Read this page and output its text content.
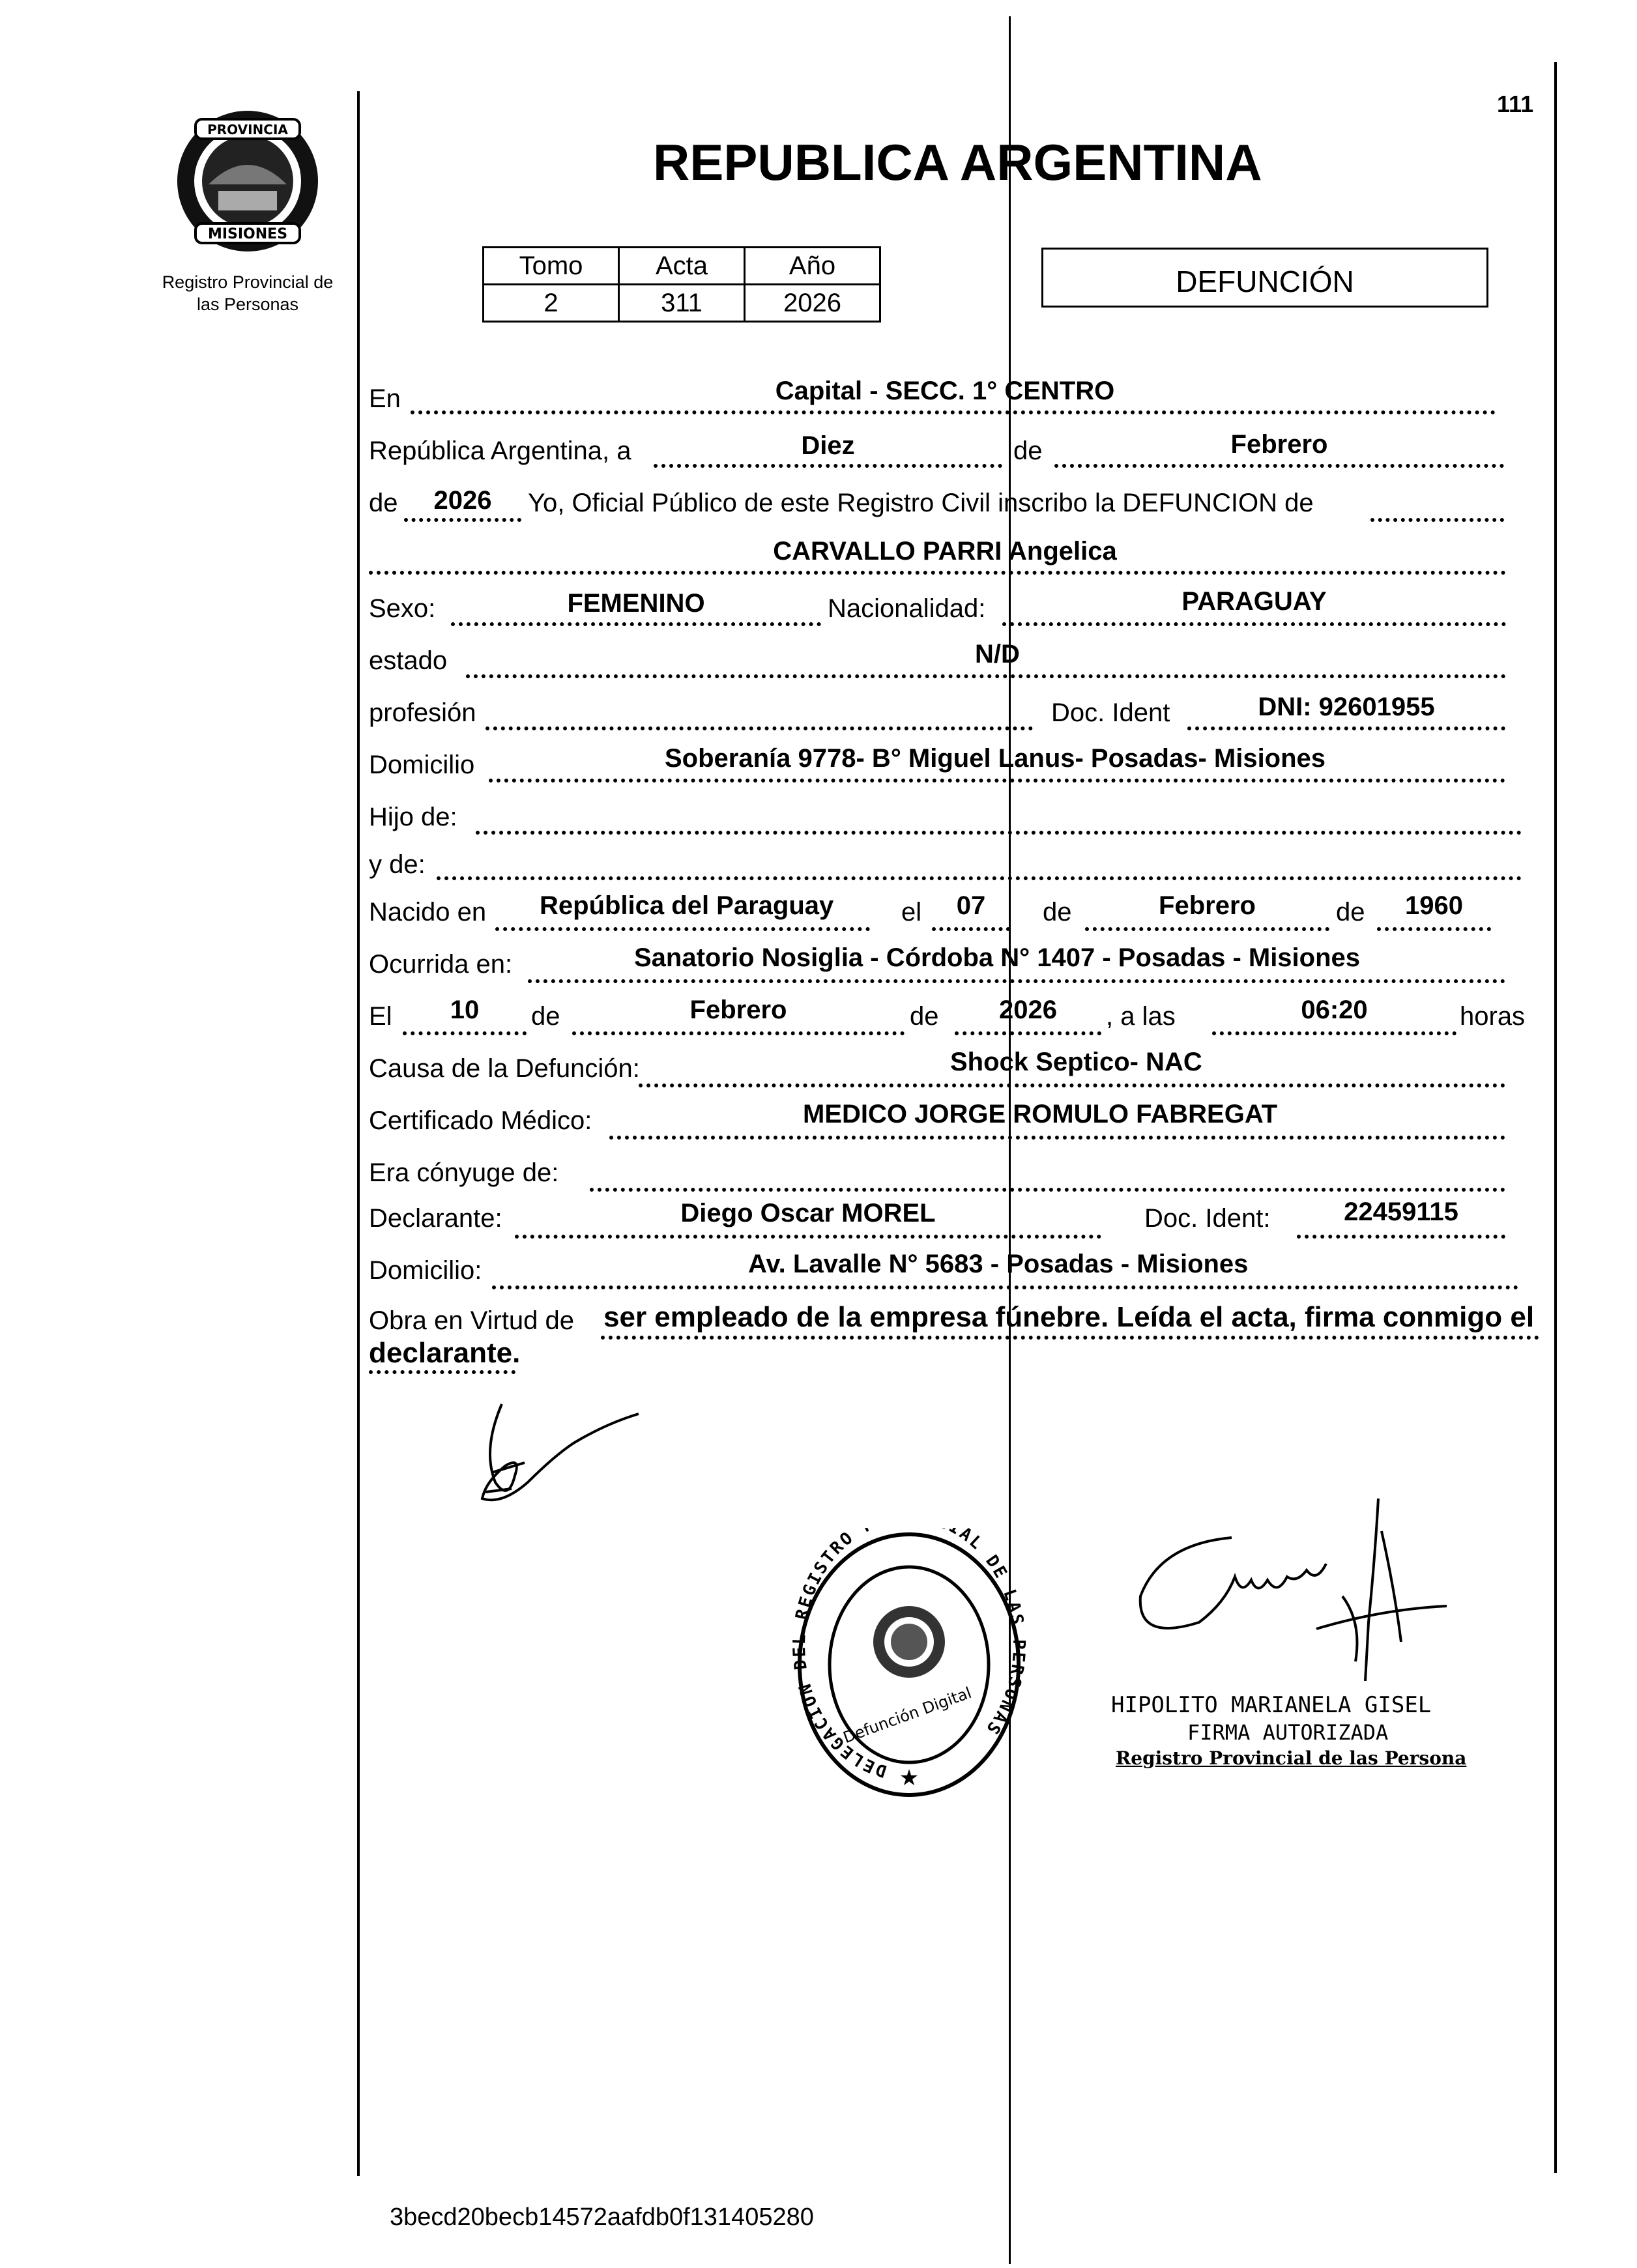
PROVINCIA
MISIONES
Registro Provincial de
las Personas
111
REPUBLICA ARGENTINA
Tomo	Acta	Año
2	311	2026
DEFUNCIÓN
En	Capital - SECC. 1° CENTRO
República Argentina, a	Diez	de	Febrero
de	2026	Yo, Oficial Público de este Registro Civil inscribo la DEFUNCION de
CARVALLO PARRI Angelica
Sexo:	FEMENINO	Nacionalidad:	PARAGUAY
estado	N/D
profesión	Doc. Ident	DNI: 92601955
Domicilio	Soberanía 9778- B° Miguel Lanus- Posadas- Misiones
Hijo de:
y de:
Nacido en República del Paraguay	el	07	de	Febrero	de	1960
Ocurrida en:	Sanatorio Nosiglia - Córdoba N° 1407 - Posadas - Misiones
El	10	de	Febrero	de	2026	, a las	06:20	horas
Causa de la Defunción:	Shock Septico- NAC
Certificado Médico:	MEDICO JORGE ROMULO FABREGAT
Era cónyuge de:
Declarante:	Diego Oscar MOREL	Doc. Ident:	22459115
Domicilio:	Av. Lavalle N° 5683 - Posadas - Misiones
Obra en Virtud de ser empleado de la empresa fúnebre. Leída el acta, firma conmigo el
declarante.
DELEGACION D REGISTRO IAL DE LAS ERSONAS
Defunción Digital
★
HIPOLITO MARIANELA GISEL
FIRMA AUTORIZADA
Registro Provincial de las Persona
3becd20becb14572aafdb0f131405280
